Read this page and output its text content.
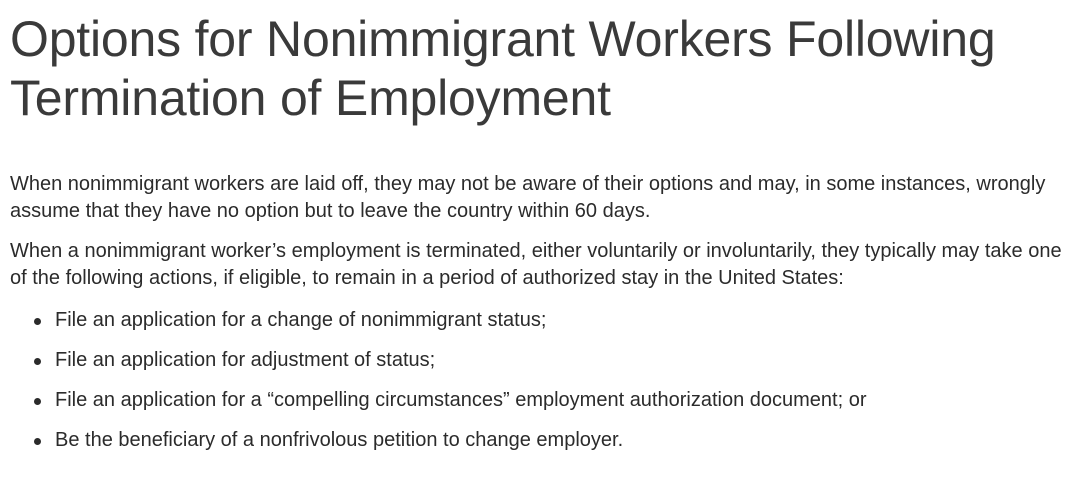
Options for Nonimmigrant Workers Following Termination of Employment

When nonimmigrant workers are laid off, they may not be aware of their options and may, in some instances, wrongly assume that they have no option but to leave the country within 60 days.

When a nonimmigrant worker’s employment is terminated, either voluntarily or involuntarily, they typically may take one of the following actions, if eligible, to remain in a period of authorized stay in the United States:

File an application for a change of nonimmigrant status;
File an application for adjustment of status;
File an application for a “compelling circumstances” employment authorization document; or
Be the beneficiary of a nonfrivolous petition to change employer.
